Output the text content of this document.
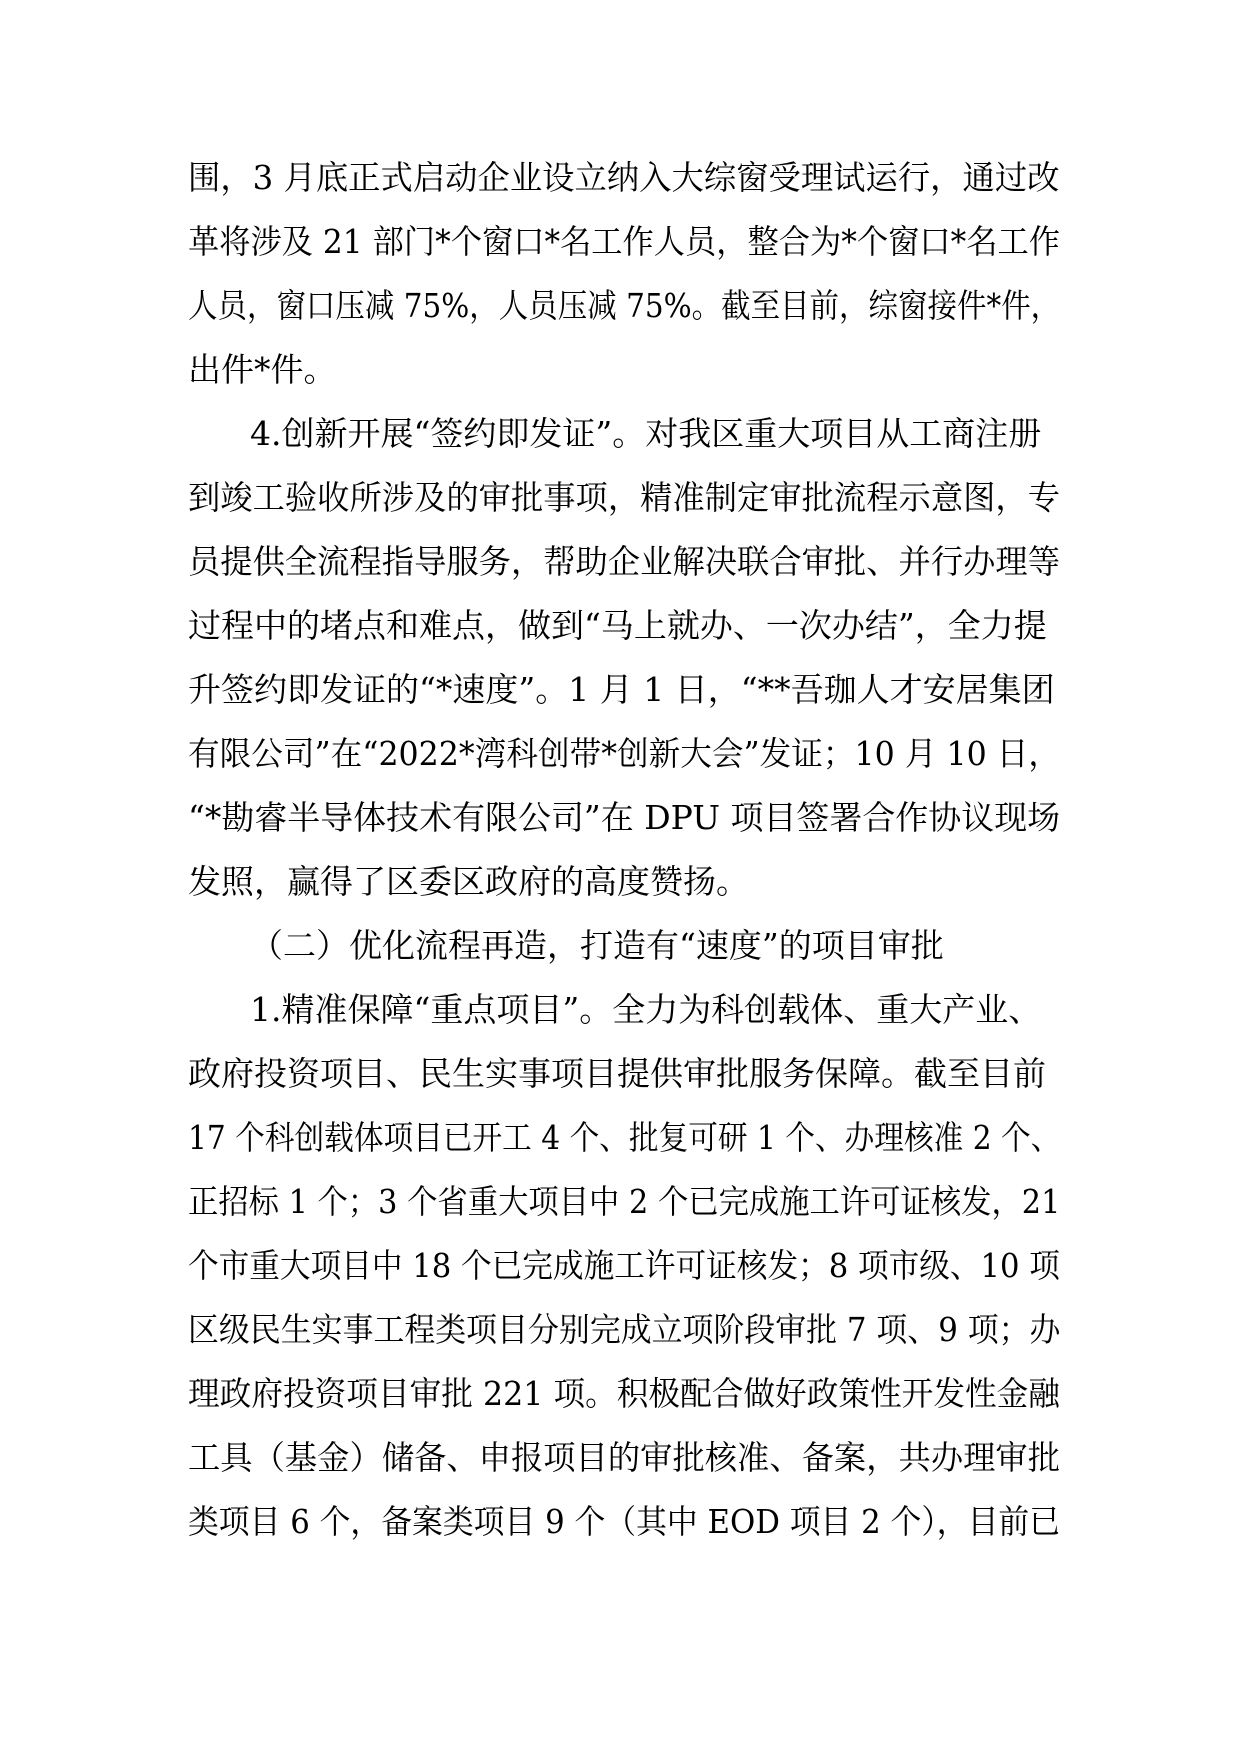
围，3 月底正式启动企业设立纳入大综窗受理试运行，通过改
革将涉及 21 部门*个窗口*名工作人员，整合为*个窗口*名工作
人员，窗口压减 75%，人员压减 75%。截至目前，综窗接件*件，
出件*件。
4.创新开展“签约即发证”。对我区重大项目从工商注册
到竣工验收所涉及的审批事项，精准制定审批流程示意图，专
员提供全流程指导服务，帮助企业解决联合审批、并行办理等
过程中的堵点和难点，做到“马上就办、一次办结”，全力提
升签约即发证的“*速度”。1 月 1 日，“**吾珈人才安居集团
有限公司”在“2022*湾科创带*创新大会”发证；10 月 10 日，
“*勘睿半导体技术有限公司”在 DPU 项目签署合作协议现场
发照，赢得了区委区政府的高度赞扬。
（二）优化流程再造，打造有“速度”的项目审批
1.精准保障“重点项目”。全力为科创载体、重大产业、
政府投资项目、民生实事项目提供审批服务保障。截至目前
17 个科创载体项目已开工 4 个、批复可研 1 个、办理核准 2 个、
正招标 1 个；3 个省重大项目中 2 个已完成施工许可证核发，21
个市重大项目中 18 个已完成施工许可证核发；8 项市级、10 项
区级民生实事工程类项目分别完成立项阶段审批 7 项、9 项；办
理政府投资项目审批 221 项。积极配合做好政策性开发性金融
工具（基金）储备、申报项目的审批核准、备案，共办理审批
类项目 6 个，备案类项目 9 个（其中 EOD 项目 2 个），目前已
